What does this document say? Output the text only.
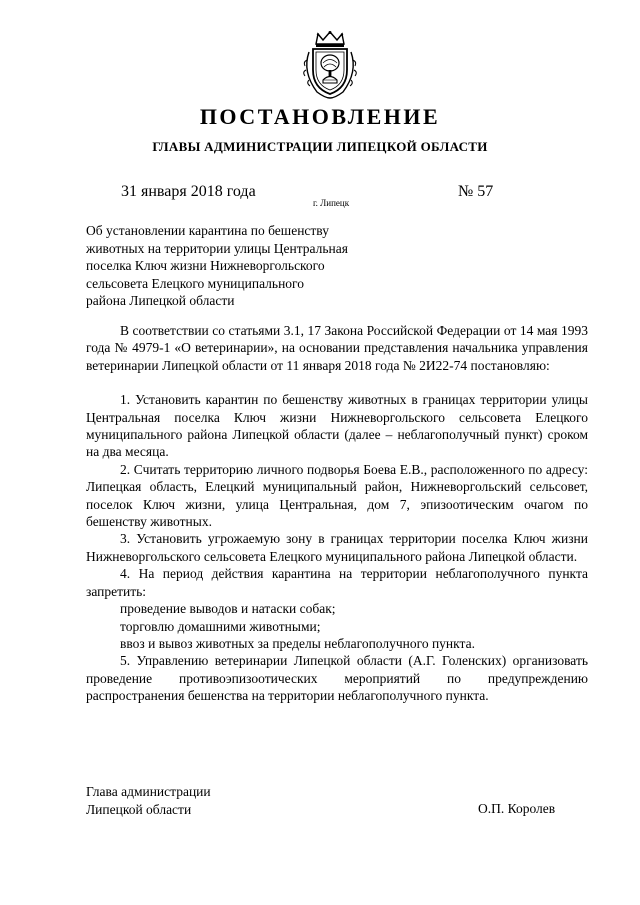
ПОСТАНОВЛЕНИЕ
ГЛАВЫ АДМИНИСТРАЦИИ ЛИПЕЦКОЙ ОБЛАСТИ
31 января 2018 года
г. Липецк
№ 57
Об установлении карантина по бешенству
животных на территории улицы Центральная
поселка Ключ жизни Нижневоргольского
сельсовета Елецкого муниципального
района Липецкой области

В соответствии со статьями 3.1, 17 Закона Российской Федерации от 14 мая 1993 года № 4979-1 «О ветеринарии», на основании представления начальника управления ветеринарии Липецкой области от 11 января 2018 года № 2И22-74 постановляю:

1. Установить карантин по бешенству животных в границах территории улицы Центральная поселка Ключ жизни Нижневоргольского сельсовета Елецкого муниципального района Липецкой области (далее – неблагополучный пункт) сроком на два месяца.

2. Считать территорию личного подворья Боева Е.В., расположенного по адресу: Липецкая область, Елецкий муниципальный район, Нижневоргольский сельсовет, поселок Ключ жизни, улица Центральная, дом 7, эпизоотическим очагом по бешенству животных.

3. Установить угрожаемую зону в границах территории поселка Ключ жизни Нижневоргольского сельсовета Елецкого муниципального района Липецкой области.

4. На период действия карантина на территории неблагополучного пункта запретить:

проведение выводов и натаски собак;

торговлю домашними животными;

ввоз и вывоз животных за пределы неблагополучного пункта.

5. Управлению ветеринарии Липецкой области (А.Г. Голенских) организовать проведение противоэпизоотических мероприятий по предупреждению распространения бешенства на территории неблагополучного пункта.

Глава администрации
Липецкой области	О.П. Королев
